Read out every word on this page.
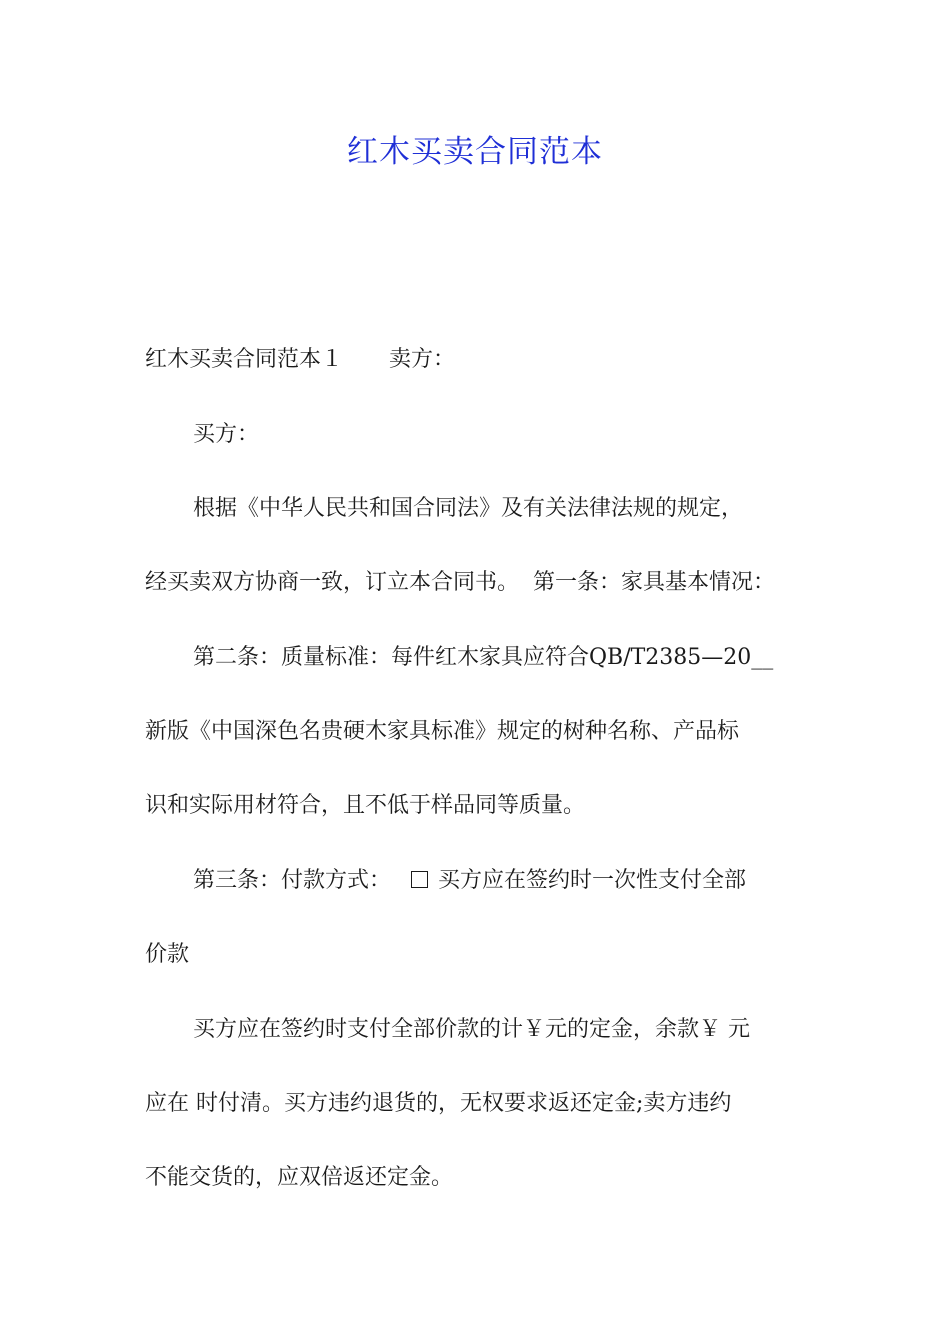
红木买卖合同范本
红木买卖合同范本１ 卖方：
买方：
根据《中华人民共和国合同法》及有关法律法规的规定，
经买卖双方协商一致，订立本合同书。 第一条：家具基本情况：
第二条：质量标准：每件红木家具应符合QB/T2385—20__
新版《中国深色名贵硬木家具标准》规定的树种名称、产品标
识和实际用材符合，且不低于样品同等质量。
第三条：付款方式： 买方应在签约时一次性支付全部
价款
买方应在签约时支付全部价款的计￥元的定金，余款￥ 元
应在 时付清。买方违约退货的，无权要求返还定金;卖方违约
不能交货的，应双倍返还定金。
